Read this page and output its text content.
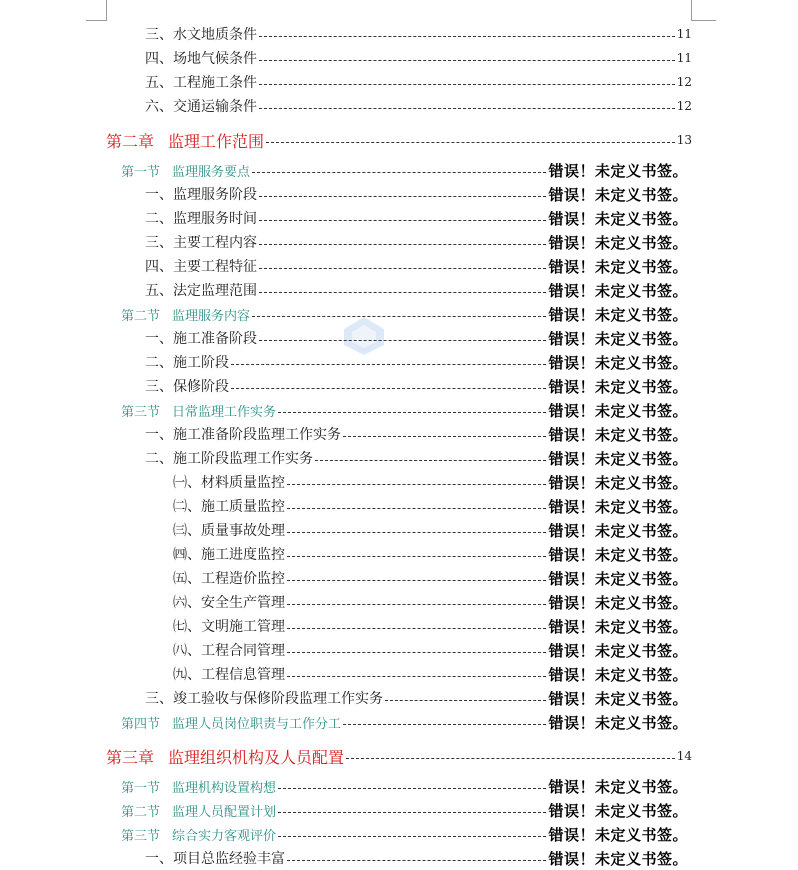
三、水文地质条件	11
四、场地气候条件	11
五、工程施工条件	12
六、交通运输条件	12
第二章 监理工作范围	13
第一节 监理服务要点	错误！未定义书签。
一、监理服务阶段	错误！未定义书签。
二、监理服务时间	错误！未定义书签。
三、主要工程内容	错误！未定义书签。
四、主要工程特征	错误！未定义书签。
五、法定监理范围	错误！未定义书签。
第二节 监理服务内容	错误！未定义书签。
一、施工准备阶段	错误！未定义书签。
二、施工阶段	错误！未定义书签。
三、保修阶段	错误！未定义书签。
第三节 日常监理工作实务	错误！未定义书签。
一、施工准备阶段监理工作实务	错误！未定义书签。
二、施工阶段监理工作实务	错误！未定义书签。
㈠、材料质量监控	错误！未定义书签。
㈡、施工质量监控	错误！未定义书签。
㈢、质量事故处理	错误！未定义书签。
㈣、施工进度监控	错误！未定义书签。
㈤、工程造价监控	错误！未定义书签。
㈥、安全生产管理	错误！未定义书签。
㈦、文明施工管理	错误！未定义书签。
㈧、工程合同管理	错误！未定义书签。
㈨、工程信息管理	错误！未定义书签。
三、竣工验收与保修阶段监理工作实务	错误！未定义书签。
第四节 监理人员岗位职责与工作分工	错误！未定义书签。
第三章 监理组织机构及人员配置	14
第一节 监理机构设置构想	错误！未定义书签。
第二节 监理人员配置计划	错误！未定义书签。
第三节 综合实力客观评价	错误！未定义书签。
一、项目总监经验丰富	错误！未定义书签。
